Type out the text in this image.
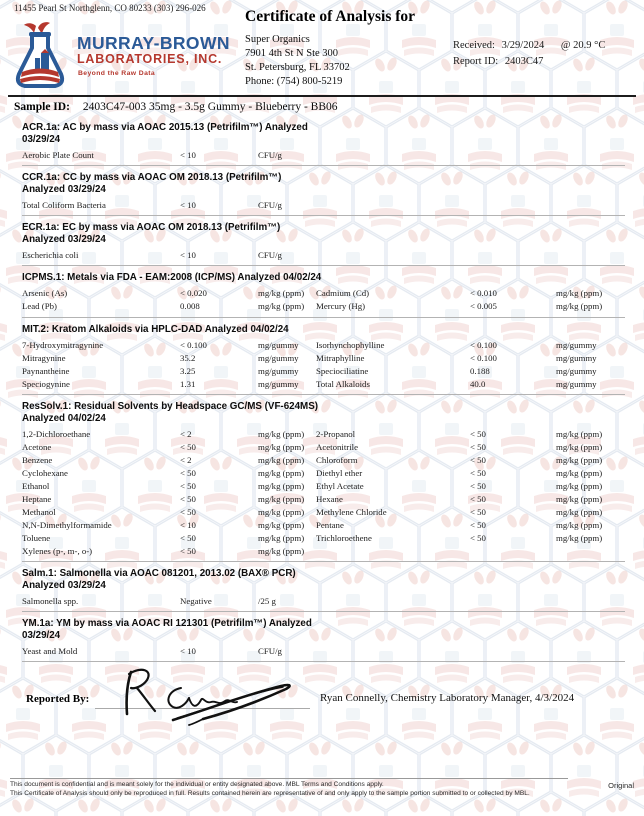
11455 Pearl St Northglenn, CO 80233 (303) 296-026
MURRAY-BROWN
LABORATORIES, INC.
Beyond the Raw Data
Certificate of Analysis for
Super Organics
7901 4th St N Ste 300
St. Petersburg, FL 33702
Phone: (754) 800-5219
Received: 3/29/2024 @ 20.9 °C
Report ID: 2403C47
Sample ID: 2403C47-003 35mg - 3.5g Gummy - Blueberry - BB06
ACR.1a: AC by mass via AOAC 2015.13 (Petrifilm™) Analyzed
03/29/24
Aerobic Plate Count	< 10	CFU/g
CCR.1a: CC by mass via AOAC OM 2018.13 (Petrifilm™)
Analyzed 03/29/24
Total Coliform Bacteria	< 10	CFU/g
ECR.1a: EC by mass via AOAC OM 2018.13 (Petrifilm™)
Analyzed 03/29/24
Escherichia coli	< 10	CFU/g
ICPMS.1: Metals via FDA - EAM:2008 (ICP/MS) Analyzed 04/02/24
Arsenic (As)	< 0.020	mg/kg (ppm)	Cadmium (Cd)	< 0.010	mg/kg (ppm)
Lead (Pb)	0.008	mg/kg (ppm)	Mercury (Hg)	< 0.005	mg/kg (ppm)
MIT.2: Kratom Alkaloids via HPLC-DAD Analyzed 04/02/24
7-Hydroxymitragynine	< 0.100	mg/gummy	Isorhynchophylline	< 0.100	mg/gummy
Mitragynine	35.2	mg/gummy	Mitraphylline	< 0.100	mg/gummy
Paynantheine	3.25	mg/gummy	Speciociliatine	0.188	mg/gummy
Speciogynine	1.31	mg/gummy	Total Alkaloids	40.0	mg/gummy
ResSolv.1: Residual Solvents by Headspace GC/MS (VF-624MS)
Analyzed 04/02/24
1,2-Dichloroethane	< 2	mg/kg (ppm)	2-Propanol	< 50	mg/kg (ppm)
Acetone	< 50	mg/kg (ppm)	Acetonitrile	< 50	mg/kg (ppm)
Benzene	< 2	mg/kg (ppm)	Chloroform	< 50	mg/kg (ppm)
Cyclohexane	< 50	mg/kg (ppm)	Diethyl ether	< 50	mg/kg (ppm)
Ethanol	< 50	mg/kg (ppm)	Ethyl Acetate	< 50	mg/kg (ppm)
Heptane	< 50	mg/kg (ppm)	Hexane	< 50	mg/kg (ppm)
Methanol	< 50	mg/kg (ppm)	Methylene Chloride	< 50	mg/kg (ppm)
N,N-Dimethylformamide	< 10	mg/kg (ppm)	Pentane	< 50	mg/kg (ppm)
Toluene	< 50	mg/kg (ppm)	Trichloroethene	< 50	mg/kg (ppm)
Xylenes (p-, m-, o-)	< 50	mg/kg (ppm)
Salm.1: Salmonella via AOAC 081201, 2013.02 (BAX® PCR)
Analyzed 03/29/24
Salmonella spp.	Negative	/25 g
YM.1a: YM by mass via AOAC RI 121301 (Petrifilm™) Analyzed
03/29/24
Yeast and Mold	< 10	CFU/g
Reported By:	Ryan Connelly, Chemistry Laboratory Manager, 4/3/2024
This document is confidential and is meant solely for the individual or entity designated above. MBL Terms and Conditions apply.
This Certificate of Analysis should only be reproduced in full. Results contained herein are representative of and only apply to the sample portion submitted to or collected by MBL.
Original
